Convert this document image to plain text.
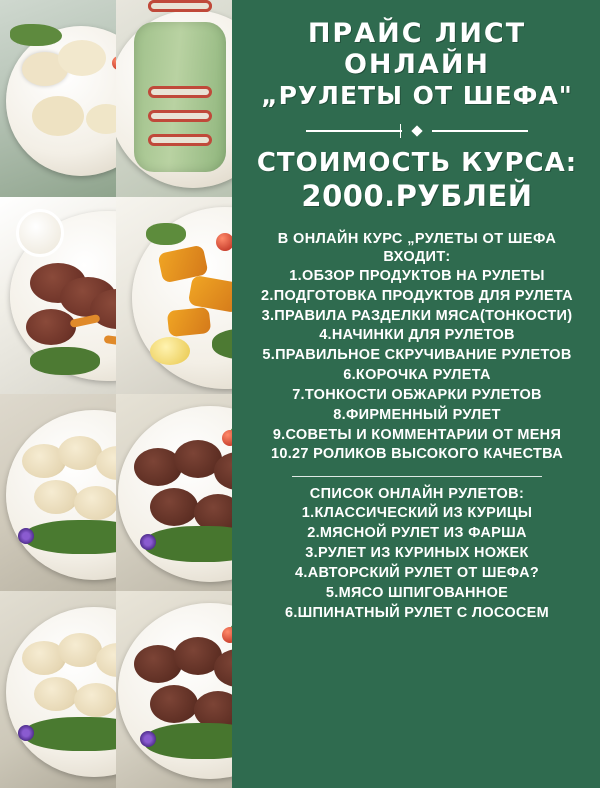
ПРАЙС ЛИСТ
ОНЛАЙН
„РУЛЕТЫ ОТ ШЕФА"
СТОИМОСТЬ КУРСА:
2000.РУБЛЕЙ
В ОНЛАЙН КУРС „РУЛЕТЫ ОТ ШЕФА ВХОДИТ:
1.ОБЗОР ПРОДУКТОВ НА РУЛЕТЫ
2.ПОДГОТОВКА ПРОДУКТОВ ДЛЯ РУЛЕТА
3.ПРАВИЛА РАЗДЕЛКИ МЯСА(ТОНКОСТИ)
4.НАЧИНКИ ДЛЯ РУЛЕТОВ
5.ПРАВИЛЬНОЕ СКРУЧИВАНИЕ РУЛЕТОВ
6.КОРОЧКА РУЛЕТА
7.ТОНКОСТИ ОБЖАРКИ РУЛЕТОВ
8.ФИРМЕННЫЙ РУЛЕТ
9.СОВЕТЫ И КОММЕНТАРИИ ОТ МЕНЯ
10.27 РОЛИКОВ ВЫСОКОГО КАЧЕСТВА
СПИСОК ОНЛАЙН РУЛЕТОВ:
1.КЛАССИЧЕСКИЙ ИЗ КУРИЦЫ
2.МЯСНОЙ РУЛЕТ ИЗ ФАРША
3.РУЛЕТ ИЗ КУРИНЫХ НОЖЕК
4.АВТОРСКИЙ РУЛЕТ ОТ ШЕФА?
5.МЯСО ШПИГОВАННОЕ
6.ШПИНАТНЫЙ РУЛЕТ С ЛОСОСЕМ
